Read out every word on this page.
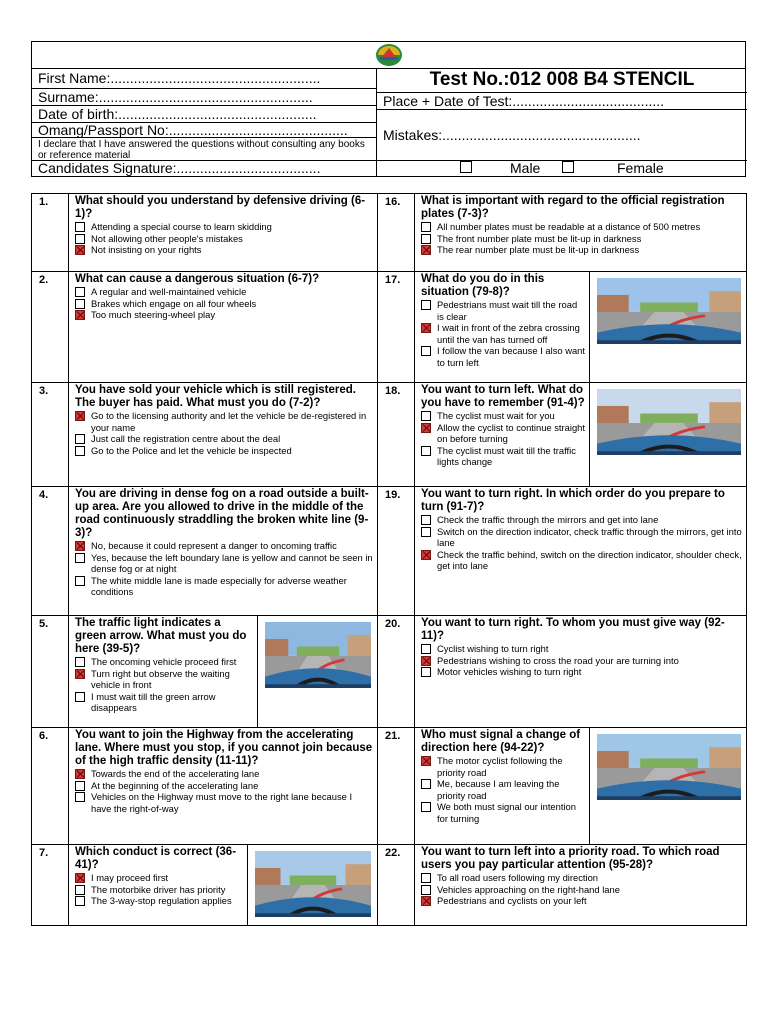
First Name:......................................................
Surname:.......................................................
Date of birth:...................................................
Omang/Passport No:..............................................
I declare that I have answered the questions without consulting any books or reference material
Candidates Signature:.....................................
Test No.:012 008 B4 STENCIL
Place + Date of Test:.......................................
Mistakes:...................................................
Male	Female
1.	What should you understand by defensive driving (6-1)?
Attending a special course to learn skidding
Not allowing other people's mistakes
Not insisting on your rights
2.	What can cause a dangerous situation (6-7)?
A regular and well-maintained vehicle
Brakes which engage on all four wheels
Too much steering-wheel play
3.	You have sold your vehicle which is still registered. The buyer has paid. What must you do (7-2)?
Go to the licensing authority and let the vehicle be de-registered in your name
Just call the registration centre about the deal
Go to the Police and let the vehicle be inspected
4.	You are driving in dense fog on a road outside a built-up area. Are you allowed to drive in the middle of the road continuously straddling the broken white line (9-3)?
No, because it could represent a danger to oncoming traffic
Yes, because the left boundary lane is yellow and cannot be seen in dense fog or at night
The white middle lane is made especially for adverse weather conditions
5.	The traffic light indicates a green arrow. What must you do here (39-5)?
The oncoming vehicle proceed first
Turn right but observe the waiting vehicle in front
I must wait till the green arrow disappears
6.	You want to join the Highway from the accelerating lane. Where must you stop, if you cannot join because of the high traffic density (11-11)?
Towards the end of the accelerating lane
At the beginning of the accelerating lane
Vehicles on the Highway must move to the right lane because I have the right-of-way
7.	Which conduct is correct (36-41)?
I may proceed first
The motorbike driver has priority
The 3-way-stop regulation applies
16.	What is important with regard to the official registration plates (7-3)?
All number plates must be readable at a distance of 500 metres
The front number plate must be lit-up in darkness
The rear number plate must be lit-up in darkness
17.	What do you do in this situation (79-8)?
Pedestrians must wait till the road is clear
I wait in front of the zebra crossing until the van has turned off
I follow the van because I also want to turn left
18.	You want to turn left. What do you have to remember (91-4)?
The cyclist must wait for you
Allow the cyclist to continue straight on before turning
The cyclist must wait till the traffic lights change
19.	You want to turn right. In which order do you prepare to turn (91-7)?
Check the traffic through the mirrors and get into lane
Switch on the direction indicator, check traffic through the mirrors, get into lane
Check the traffic behind, switch on the direction indicator, shoulder check, get into lane
20.	You want to turn right. To whom you must give way (92-11)?
Cyclist wishing to turn right
Pedestrians wishing to cross the road your are turning into
Motor vehicles wishing to turn right
21.	Who must signal a change of direction here (94-22)?
The motor cyclist following the priority road
Me, because I am leaving the priority road
We both must signal our intention for turning
22.	You want to turn left into a priority road. To which road users you pay particular attention (95-28)?
To all road users following my direction
Vehicles approaching on the right-hand lane
Pedestrians and cyclists on your left
